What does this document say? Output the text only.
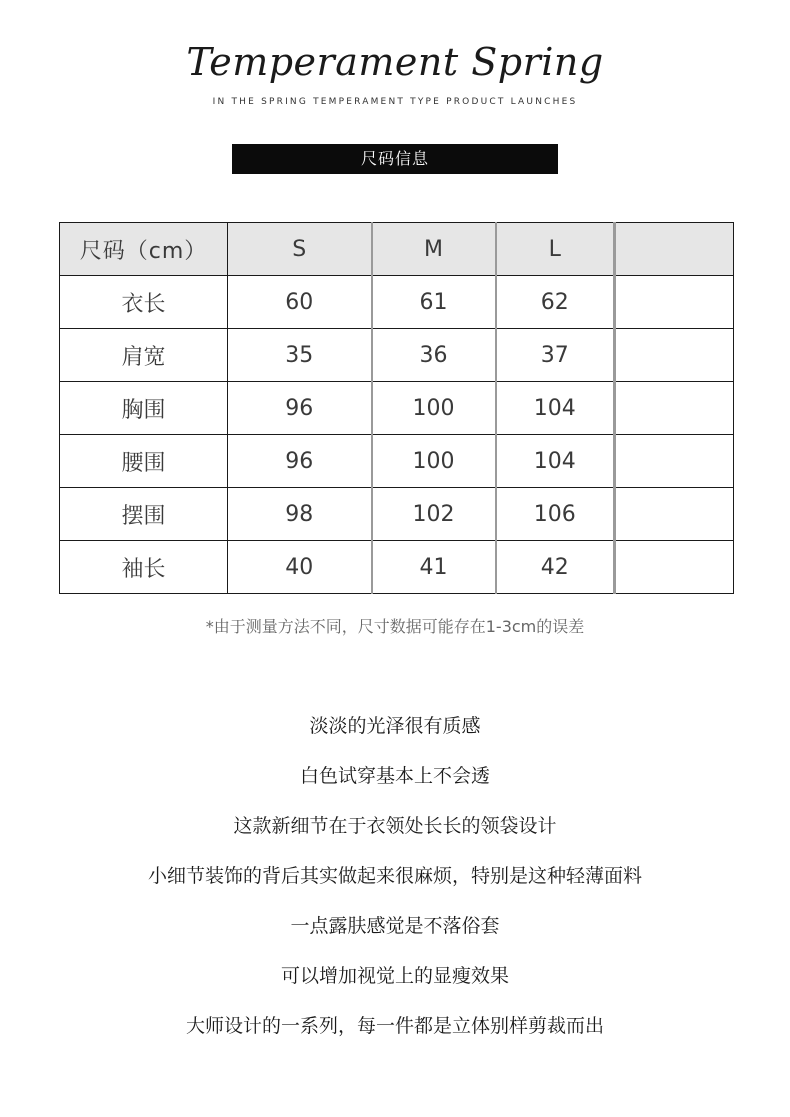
Temperament Spring
IN THE SPRING TEMPERAMENT TYPE PRODUCT LAUNCHES
尺码信息
尺码（cm）	S	M	L	
衣长	60	61	62	
肩宽	35	36	37	
胸围	96	100	104	
腰围	96	100	104	
摆围	98	102	106	
袖长	40	41	42	
*由于测量方法不同，尺寸数据可能存在1-3cm的误差
淡淡的光泽很有质感
白色试穿基本上不会透
这款新细节在于衣领处长长的领袋设计
小细节装饰的背后其实做起来很麻烦，特别是这种轻薄面料
一点露肤感觉是不落俗套
可以增加视觉上的显瘦效果
大师设计的一系列，每一件都是立体别样剪裁而出
